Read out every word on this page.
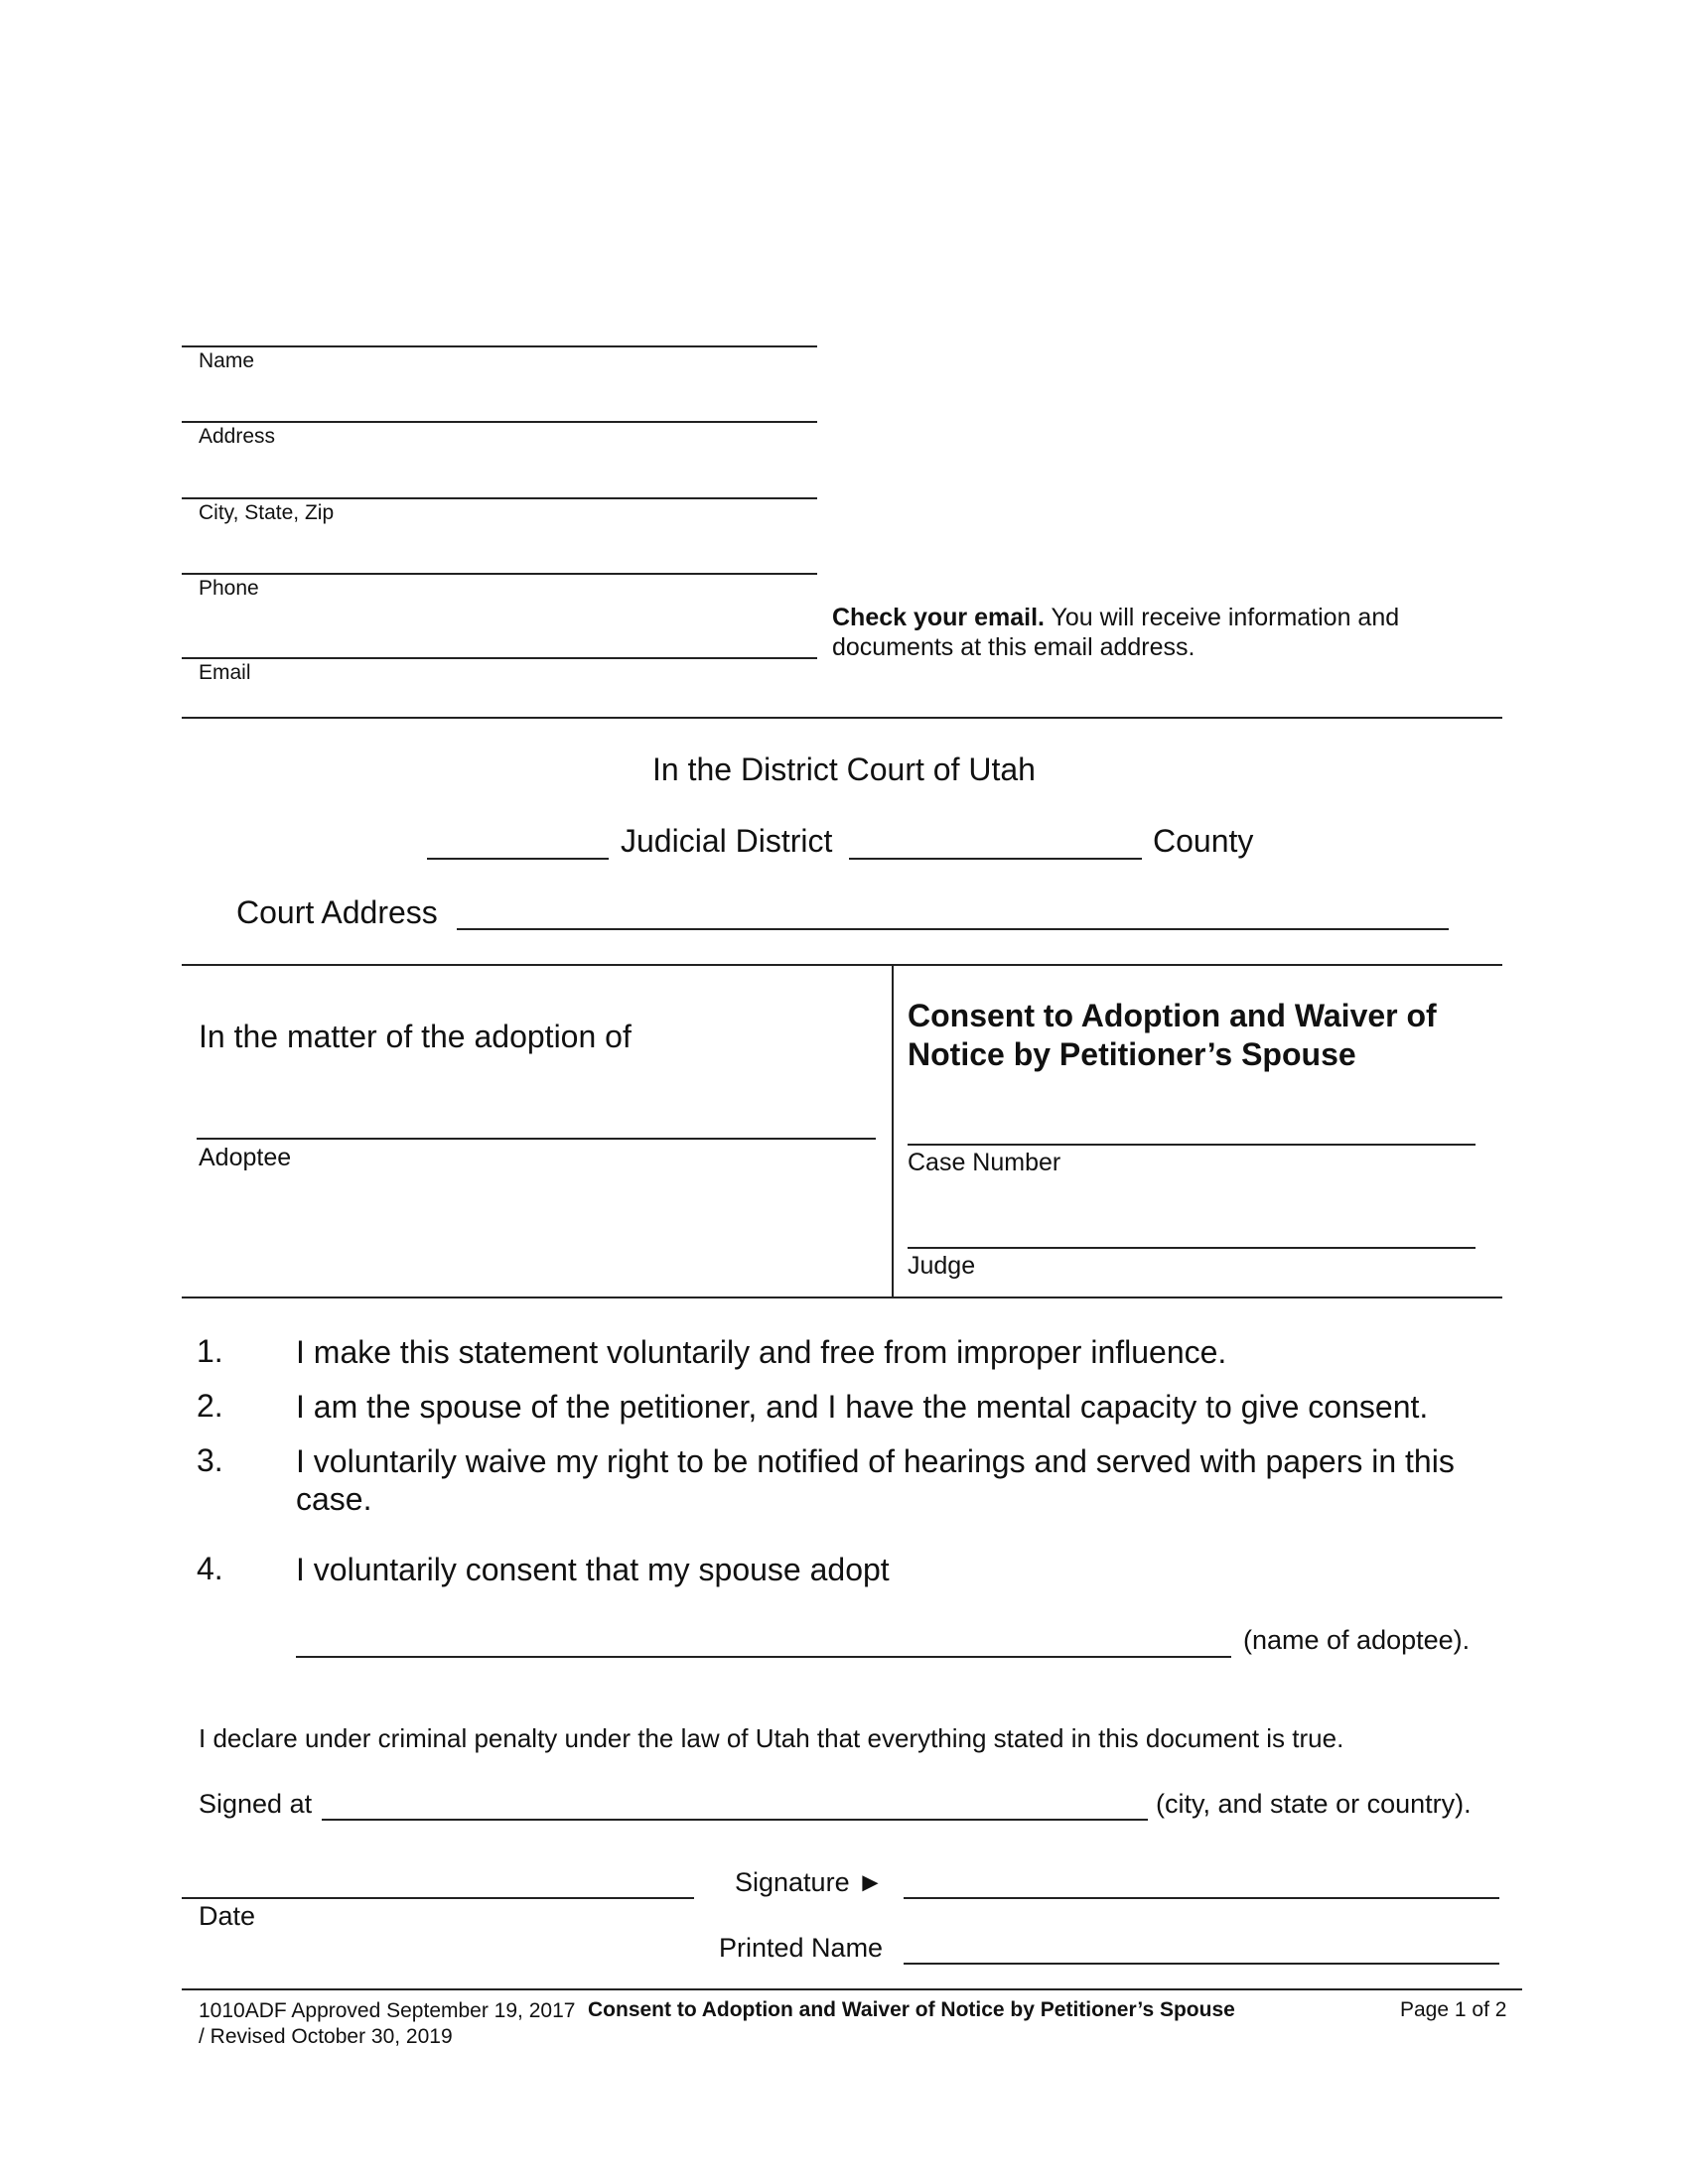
Name
Address
City, State, Zip
Phone
Email
Check your email. You will receive information and documents at this email address.
In the District Court of Utah
Judicial District	County
Court Address
In the matter of the adoption of
Adoptee
Consent to Adoption and Waiver of Notice by Petitioner’s Spouse
Case Number
Judge
1. I make this statement voluntarily and free from improper influence.
2. I am the spouse of the petitioner, and I have the mental capacity to give consent.
3. I voluntarily waive my right to be notified of hearings and served with papers in this case.
4. I voluntarily consent that my spouse adopt
(name of adoptee).
I declare under criminal penalty under the law of Utah that everything stated in this document is true.
Signed at	(city, and state or country).
Signature ►
Date
Printed Name
1010ADF Approved September 19, 2017 / Revised October 30, 2019
Consent to Adoption and Waiver of Notice by Petitioner’s Spouse	Page 1 of 2
